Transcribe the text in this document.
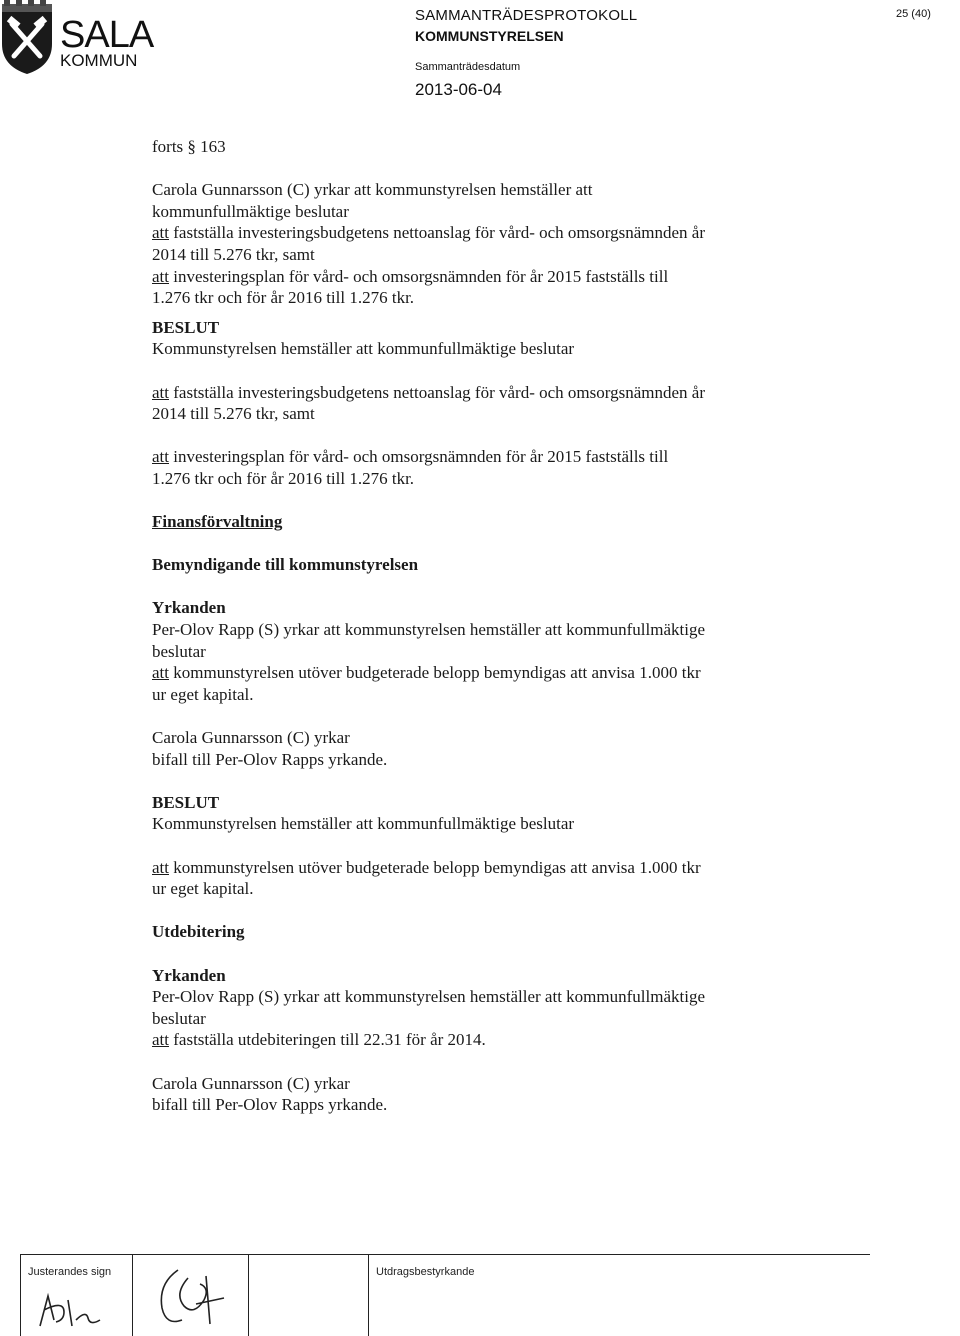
SALA
KOMMUN
SAMMANTRÄDESPROTOKOLL
KOMMUNSTYRELSEN
Sammanträdesdatum
2013-06-04
25 (40)

forts § 163

Carola Gunnarsson (C) yrkar att kommunstyrelsen hemställer att

kommunfullmäktige beslutar

att fastställa investeringsbudgetens nettoanslag för vård- och omsorgsnämnden år

2014 till 5.276 tkr, samt

att investeringsplan för vård- och omsorgsnämnden för år 2015 fastställs till

1.276 tkr och för år 2016 till 1.276 tkr.

BESLUT

Kommunstyrelsen hemställer att kommunfullmäktige beslutar

att fastställa investeringsbudgetens nettoanslag för vård- och omsorgsnämnden år

2014 till 5.276 tkr, samt

att investeringsplan för vård- och omsorgsnämnden för år 2015 fastställs till

1.276 tkr och för år 2016 till 1.276 tkr.

Finansförvaltning

Bemyndigande till kommunstyrelsen

Yrkanden

Per-Olov Rapp (S) yrkar att kommunstyrelsen hemställer att kommunfullmäktige

beslutar

att kommunstyrelsen utöver budgeterade belopp bemyndigas att anvisa 1.000 tkr

ur eget kapital.

Carola Gunnarsson (C) yrkar

bifall till Per-Olov Rapps yrkande.

BESLUT

Kommunstyrelsen hemställer att kommunfullmäktige beslutar

att kommunstyrelsen utöver budgeterade belopp bemyndigas att anvisa 1.000 tkr

ur eget kapital.

Utdebitering

Yrkanden

Per-Olov Rapp (S) yrkar att kommunstyrelsen hemställer att kommunfullmäktige

beslutar

att fastställa utdebiteringen till 22.31 för år 2014.

Carola Gunnarsson (C) yrkar

bifall till Per-Olov Rapps yrkande.

Justerandes sign	Utdragsbestyrkande
